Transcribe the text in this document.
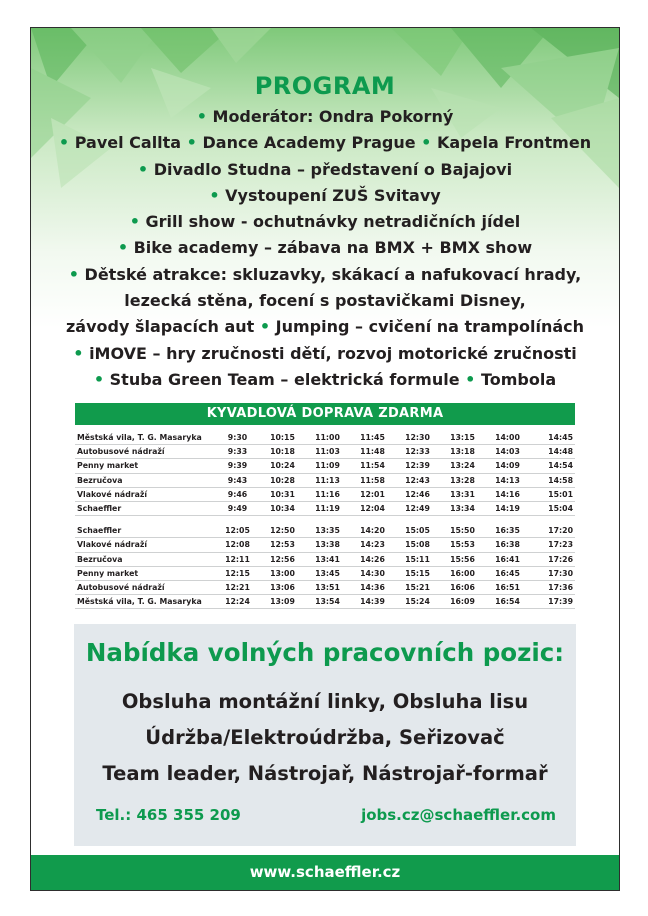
PROGRAM
• Moderátor: Ondra Pokorný
• Pavel Callta • Dance Academy Prague • Kapela Frontmen
• Divadlo Studna – představení o Bajajovi
• Vystoupení ZUŠ Svitavy
• Grill show - ochutnávky netradičních jídel
• Bike academy – zábava na BMX + BMX show
• Dětské atrakce: skluzavky, skákací a nafukovací hrady,
lezecká stěna, focení s postavičkami Disney,
závody šlapacích aut • Jumping – cvičení na trampolínách
• iMOVE – hry zručnosti dětí, rozvoj motorické zručnosti
• Stuba Green Team – elektrická formule • Tombola
KYVADLOVÁ DOPRAVA ZDARMA
Městská vila, T. G. Masaryka	9:30	10:15	11:00	11:45	12:30	13:15	14:00	14:45
Autobusové nádraží	9:33	10:18	11:03	11:48	12:33	13:18	14:03	14:48
Penny market	9:39	10:24	11:09	11:54	12:39	13:24	14:09	14:54
Bezručova	9:43	10:28	11:13	11:58	12:43	13:28	14:13	14:58
Vlakové nádraží	9:46	10:31	11:16	12:01	12:46	13:31	14:16	15:01
Schaeffler	9:49	10:34	11:19	12:04	12:49	13:34	14:19	15:04
Schaeffler	12:05	12:50	13:35	14:20	15:05	15:50	16:35	17:20
Vlakové nádraží	12:08	12:53	13:38	14:23	15:08	15:53	16:38	17:23
Bezručova	12:11	12:56	13:41	14:26	15:11	15:56	16:41	17:26
Penny market	12:15	13:00	13:45	14:30	15:15	16:00	16:45	17:30
Autobusové nádraží	12:21	13:06	13:51	14:36	15:21	16:06	16:51	17:36
Městská vila, T. G. Masaryka	12:24	13:09	13:54	14:39	15:24	16:09	16:54	17:39
Nabídka volných pracovních pozic:
Obsluha montážní linky, Obsluha lisu
Údržba/Elektroúdržba, Seřizovač
Team leader, Nástrojař, Nástrojař-formař
Tel.: 465 355 209	jobs.cz@schaeffler.com
www.schaeffler.cz
